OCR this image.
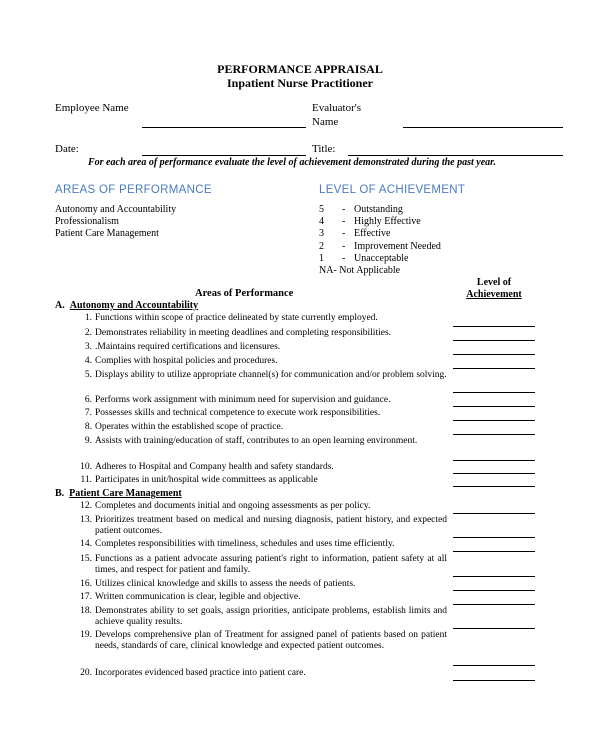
PERFORMANCE APPRAISAL
Inpatient Nurse Practitioner
Employee Name	Evaluator's
Name
Date:	Title:
For each area of performance evaluate the level of achievement demonstrated during the past year.
AREAS OF PERFORMANCE
Autonomy and Accountability
Professionalism
Patient Care Management
LEVEL OF ACHIEVEMENT
5 - Outstanding
4 - Highly Effective
3 - Effective
2 - Improvement Needed
1 - Unacceptable
NA- Not Applicable
Areas of Performance
Level of
Achievement
A. Autonomy and Accountability
1. Functions within scope of practice delineated by state currently employed.
2. Demonstrates reliability in meeting deadlines and completing responsibilities.
3. .Maintains required certifications and licensures.
4. Complies with hospital policies and procedures.
5. Displays ability to utilize appropriate channel(s) for communication and/or problem solving.
6. Performs work assignment with minimum need for supervision and guidance.
7. Possesses skills and technical competence to execute work responsibilities.
8. Operates within the established scope of practice.
9. Assists with training/education of staff, contributes to an open learning environment.
10. Adheres to Hospital and Company health and safety standards.
11. Participates in unit/hospital wide committees as applicable
B. Patient Care Management
12. Completes and documents initial and ongoing assessments as per policy.
13. Prioritizes treatment based on medical and nursing diagnosis, patient history, and expected patient outcomes.
14. Completes responsibilities with timeliness, schedules and uses time efficiently.
15. Functions as a patient advocate assuring patient's right to information, patient safety at all times, and respect for patient and family.
16. Utilizes clinical knowledge and skills to assess the needs of patients.
17. Written communication is clear, legible and objective.
18. Demonstrates ability to set goals, assign priorities, anticipate problems, establish limits and achieve quality results.
19. Develops comprehensive plan of Treatment for assigned panel of patients based on patient needs, standards of care, clinical knowledge and expected patient outcomes.
20. Incorporates evidenced based practice into patient care.
